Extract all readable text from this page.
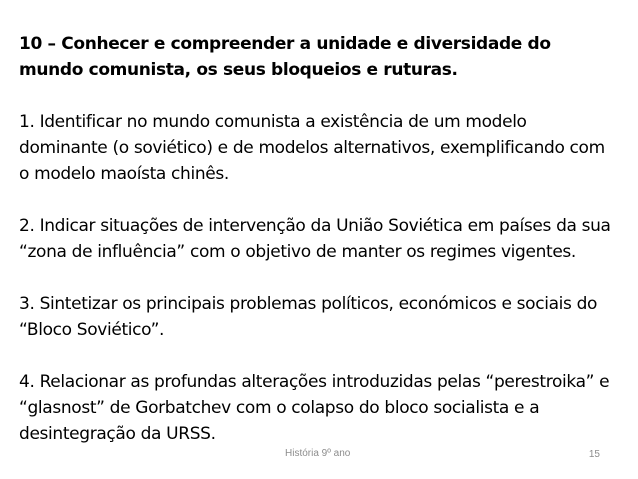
10 – Conhecer e compreender a unidade e diversidade do mundo comunista, os seus bloqueios e ruturas.

1. Identificar no mundo comunista a existência de um modelo dominante (o soviético) e de modelos alternativos, exemplificando com o modelo maoísta chinês.

2. Indicar situações de intervenção da União Soviética em países da sua “zona de influência” com o objetivo de manter os regimes vigentes.

3. Sintetizar os principais problemas políticos, económicos e sociais do “Bloco Soviético”.

4. Relacionar as profundas alterações introduzidas pelas “perestroika” e “glasnost” de Gorbatchev com o colapso do bloco socialista e a desintegração da URSS.

História 9º ano	15
